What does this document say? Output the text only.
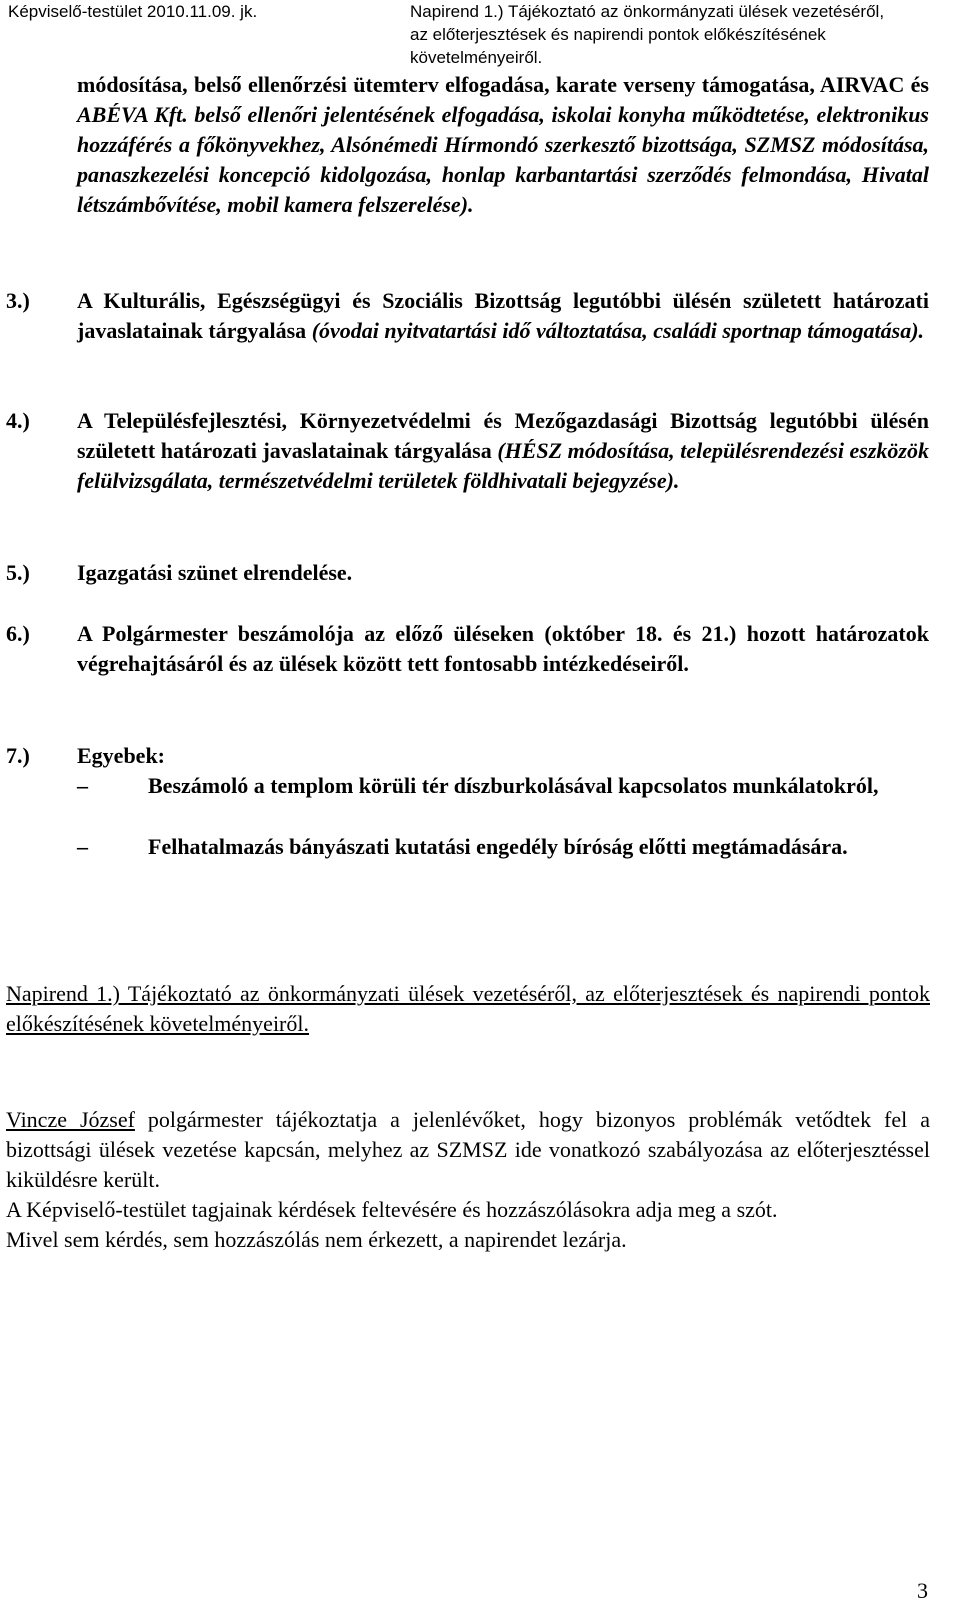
Képviselő-testület 2010.11.09. jk.	Napirend 1.) Tájékoztató az önkormányzati ülések vezetéséről,
az előterjesztések és napirendi pontok előkészítésének
követelményeiről.
módosítása, belső ellenőrzési ütemterv elfogadása, karate verseny támogatása, AIRVAC és ABÉVA Kft. belső ellenőri jelentésének elfogadása, iskolai konyha működtetése, elektronikus hozzáférés a főkönyvekhez, Alsónémedi Hírmondó szerkesztő bizottsága, SZMSZ módosítása, panaszkezelési koncepció kidolgozása, honlap karbantartási szerződés felmondása, Hivatal létszámbővítése, mobil kamera felszerelése).
3.) A Kulturális, Egészségügyi és Szociális Bizottság legutóbbi ülésén született határozati javaslatainak tárgyalása (óvodai nyitvatartási idő változtatása, családi sportnap támogatása).
4.) A Településfejlesztési, Környezetvédelmi és Mezőgazdasági Bizottság legutóbbi ülésén született határozati javaslatainak tárgyalása (HÉSZ módosítása, településrendezési eszközök felülvizsgálata, természetvédelmi területek földhivatali bejegyzése).
5.) Igazgatási szünet elrendelése.
6.) A Polgármester beszámolója az előző üléseken (október 18. és 21.) hozott határozatok végrehajtásáról és az ülések között tett fontosabb intézkedéseiről.
7.) Egyebek:
–	Beszámoló a templom körüli tér díszburkolásával kapcsolatos munkálatokról,
–	Felhatalmazás bányászati kutatási engedély bíróság előtti megtámadására.
Napirend 1.) Tájékoztató az önkormányzati ülések vezetéséről, az előterjesztések és napirendi pontok előkészítésének követelményeiről.

Vincze József polgármester tájékoztatja a jelenlévőket, hogy bizonyos problémák vetődtek fel a bizottsági ülések vezetése kapcsán, melyhez az SZMSZ ide vonatkozó szabályozása az előterjesztéssel kiküldésre került.

A Képviselő-testület tagjainak kérdések feltevésére és hozzászólásokra adja meg a szót.

Mivel sem kérdés, sem hozzászólás nem érkezett, a napirendet lezárja.

3
